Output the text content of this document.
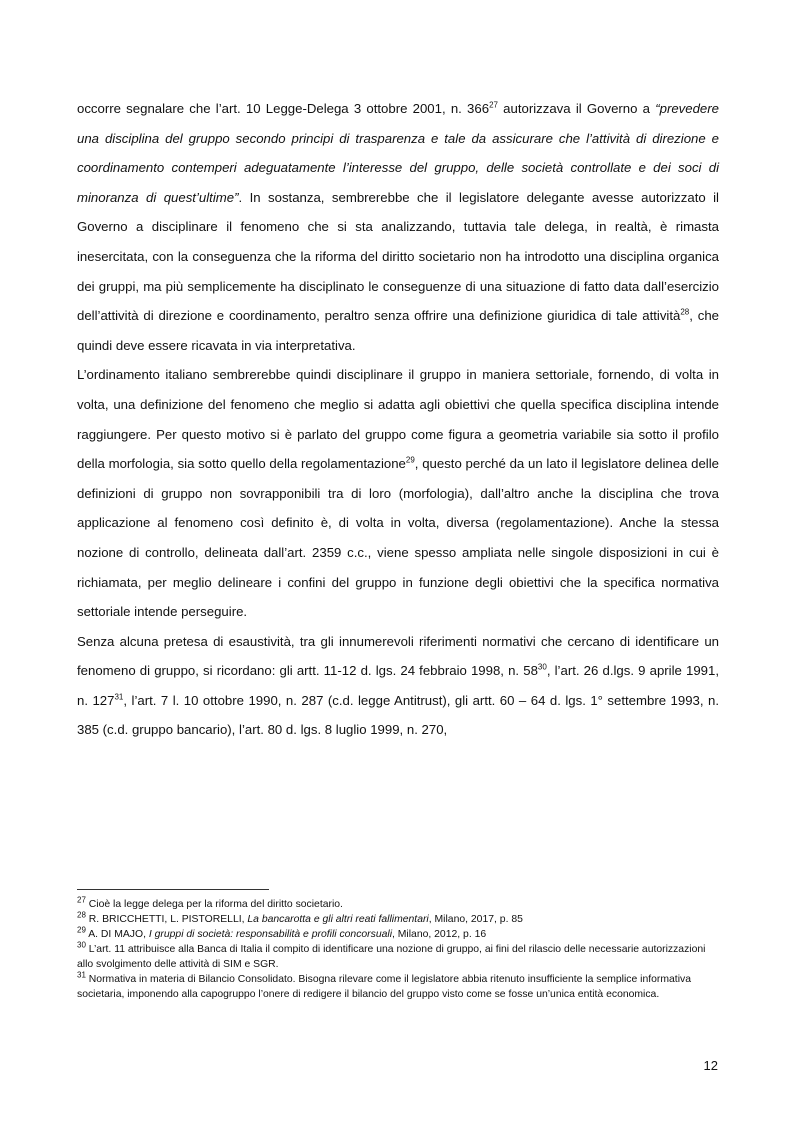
occorre segnalare che l’art. 10 Legge-Delega 3 ottobre 2001, n. $366^{27}$ autorizzava il Governo a “prevedere una disciplina del gruppo secondo principi di trasparenza e tale da assicurare che l’attività di direzione e coordinamento contemperi adeguatamente l’interesse del gruppo, delle società controllate e dei soci di minoranza di quest’ultime”. In sostanza, sembrerebbe che il legislatore delegante avesse autorizzato il Governo a disciplinare il fenomeno che si sta analizzando, tuttavia tale delega, in realtà, è rimasta inesercitata, con la conseguenza che la riforma del diritto societario non ha introdotto una disciplina organica dei gruppi, ma più semplicemente ha disciplinato le conseguenze di una situazione di fatto data dall’esercizio dell’attività di direzione e coordinamento, peraltro senza offrire una definizione giuridica di tale attività$^{28}$, che quindi deve essere ricavata in via interpretativa.

L’ordinamento italiano sembrerebbe quindi disciplinare il gruppo in maniera settoriale, fornendo, di volta in volta, una definizione del fenomeno che meglio si adatta agli obiettivi che quella specifica disciplina intende raggiungere. Per questo motivo si è parlato del gruppo come figura a geometria variabile sia sotto il profilo della morfologia, sia sotto quello della regolamentazione$^{29}$, questo perché da un lato il legislatore delinea delle definizioni di gruppo non sovrapponibili tra di loro (morfologia), dall’altro anche la disciplina che trova applicazione al fenomeno così definito è, di volta in volta, diversa (regolamentazione). Anche la stessa nozione di controllo, delineata dall’art. 2359 c.c., viene spesso ampliata nelle singole disposizioni in cui è richiamata, per meglio delineare i confini del gruppo in funzione degli obiettivi che la specifica normativa settoriale intende perseguire.

Senza alcuna pretesa di esaustività, tra gli innumerevoli riferimenti normativi che cercano di identificare un fenomeno di gruppo, si ricordano: gli artt. 11-12 d. lgs. 24 febbraio 1998, n. $58^{30}$, l’art. 26 d.lgs. 9 aprile 1991, n. $127^{31}$, l’art. 7 l. 10 ottobre 1990, n. 287 (c.d. legge Antitrust), gli artt. 60 – 64 d. lgs. 1° settembre 1993, n. 385 (c.d. gruppo bancario), l’art. 80 d. lgs. 8 luglio 1999, n. 270,

$^{27}$ Cioè la legge delega per la riforma del diritto societario.

$^{28}$ R. BRICCHETTI, L. PISTORELLI, La bancarotta e gli altri reati fallimentari, Milano, 2017, p. 85

$^{29}$ A. DI MAJO, I gruppi di società: responsabilità e profili concorsuali, Milano, 2012, p. 16

$^{30}$ L’art. 11 attribuisce alla Banca di Italia il compito di identificare una nozione di gruppo, ai fini del rilascio delle necessarie autorizzazioni allo svolgimento delle attività di SIM e SGR.

$^{31}$ Normativa in materia di Bilancio Consolidato. Bisogna rilevare come il legislatore abbia ritenuto insufficiente la semplice informativa societaria, imponendo alla capogruppo l’onere di redigere il bilancio del gruppo visto come se fosse un’unica entità economica.

12
